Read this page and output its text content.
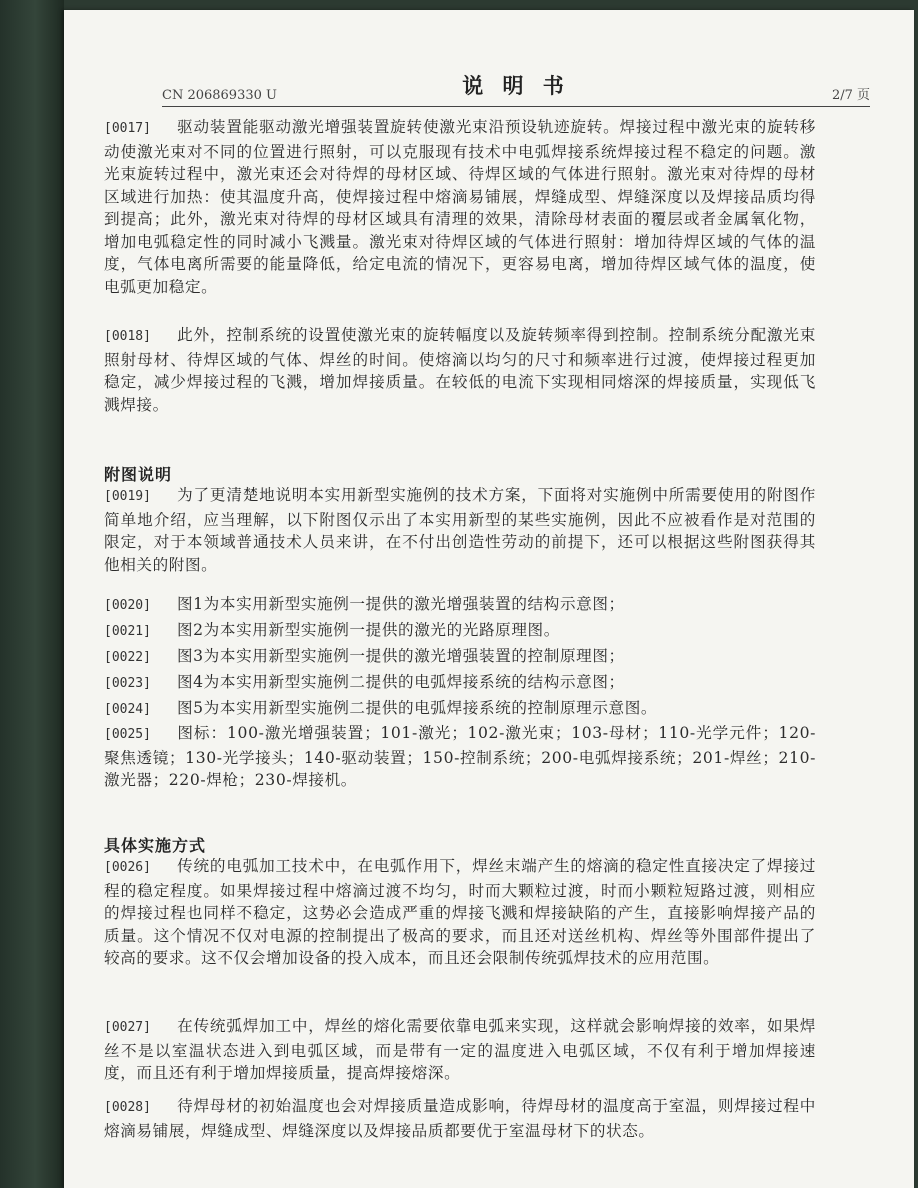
CN 206869330 U	说 明 书	2/7 页

[0017] 驱动装置能驱动激光增强装置旋转使激光束沿预设轨迹旋转。焊接过程中激光束的旋转移动使激光束对不同的位置进行照射，可以克服现有技术中电弧焊接系统焊接过程不稳定的问题。激光束旋转过程中，激光束还会对待焊的母材区域、待焊区域的气体进行照射。激光束对待焊的母材区域进行加热：使其温度升高，使焊接过程中熔滴易铺展，焊缝成型、焊缝深度以及焊接品质均得到提高；此外，激光束对待焊的母材区域具有清理的效果，清除母材表面的覆层或者金属氧化物，增加电弧稳定性的同时减小飞溅量。激光束对待焊区域的气体进行照射：增加待焊区域的气体的温度，气体电离所需要的能量降低，给定电流的情况下，更容易电离，增加待焊区域气体的温度，使电弧更加稳定。

[0018] 此外，控制系统的设置使激光束的旋转幅度以及旋转频率得到控制。控制系统分配激光束照射母材、待焊区域的气体、焊丝的时间。使熔滴以均匀的尺寸和频率进行过渡，使焊接过程更加稳定，减少焊接过程的飞溅，增加焊接质量。在较低的电流下实现相同熔深的焊接质量，实现低飞溅焊接。

附图说明

[0019] 为了更清楚地说明本实用新型实施例的技术方案，下面将对实施例中所需要使用的附图作简单地介绍，应当理解，以下附图仅示出了本实用新型的某些实施例，因此不应被看作是对范围的限定，对于本领域普通技术人员来讲，在不付出创造性劳动的前提下，还可以根据这些附图获得其他相关的附图。

[0020] 图1为本实用新型实施例一提供的激光增强装置的结构示意图；

[0021] 图2为本实用新型实施例一提供的激光的光路原理图。

[0022] 图3为本实用新型实施例一提供的激光增强装置的控制原理图；

[0023] 图4为本实用新型实施例二提供的电弧焊接系统的结构示意图；

[0024] 图5为本实用新型实施例二提供的电弧焊接系统的控制原理示意图。

[0025] 图标：100-激光增强装置；101-激光；102-激光束；103-母材；110-光学元件；120-聚焦透镜；130-光学接头；140-驱动装置；150-控制系统；200-电弧焊接系统；201-焊丝；210-激光器；220-焊枪；230-焊接机。

具体实施方式

[0026] 传统的电弧加工技术中，在电弧作用下，焊丝末端产生的熔滴的稳定性直接决定了焊接过程的稳定程度。如果焊接过程中熔滴过渡不均匀，时而大颗粒过渡，时而小颗粒短路过渡，则相应的焊接过程也同样不稳定，这势必会造成严重的焊接飞溅和焊接缺陷的产生，直接影响焊接产品的质量。这个情况不仅对电源的控制提出了极高的要求，而且还对送丝机构、焊丝等外围部件提出了较高的要求。这不仅会增加设备的投入成本，而且还会限制传统弧焊技术的应用范围。

[0027] 在传统弧焊加工中，焊丝的熔化需要依靠电弧来实现，这样就会影响焊接的效率，如果焊丝不是以室温状态进入到电弧区域，而是带有一定的温度进入电弧区域，不仅有利于增加焊接速度，而且还有利于增加焊接质量，提高焊接熔深。

[0028] 待焊母材的初始温度也会对焊接质量造成影响，待焊母材的温度高于室温，则焊接过程中熔滴易铺展，焊缝成型、焊缝深度以及焊接品质都要优于室温母材下的状态。
